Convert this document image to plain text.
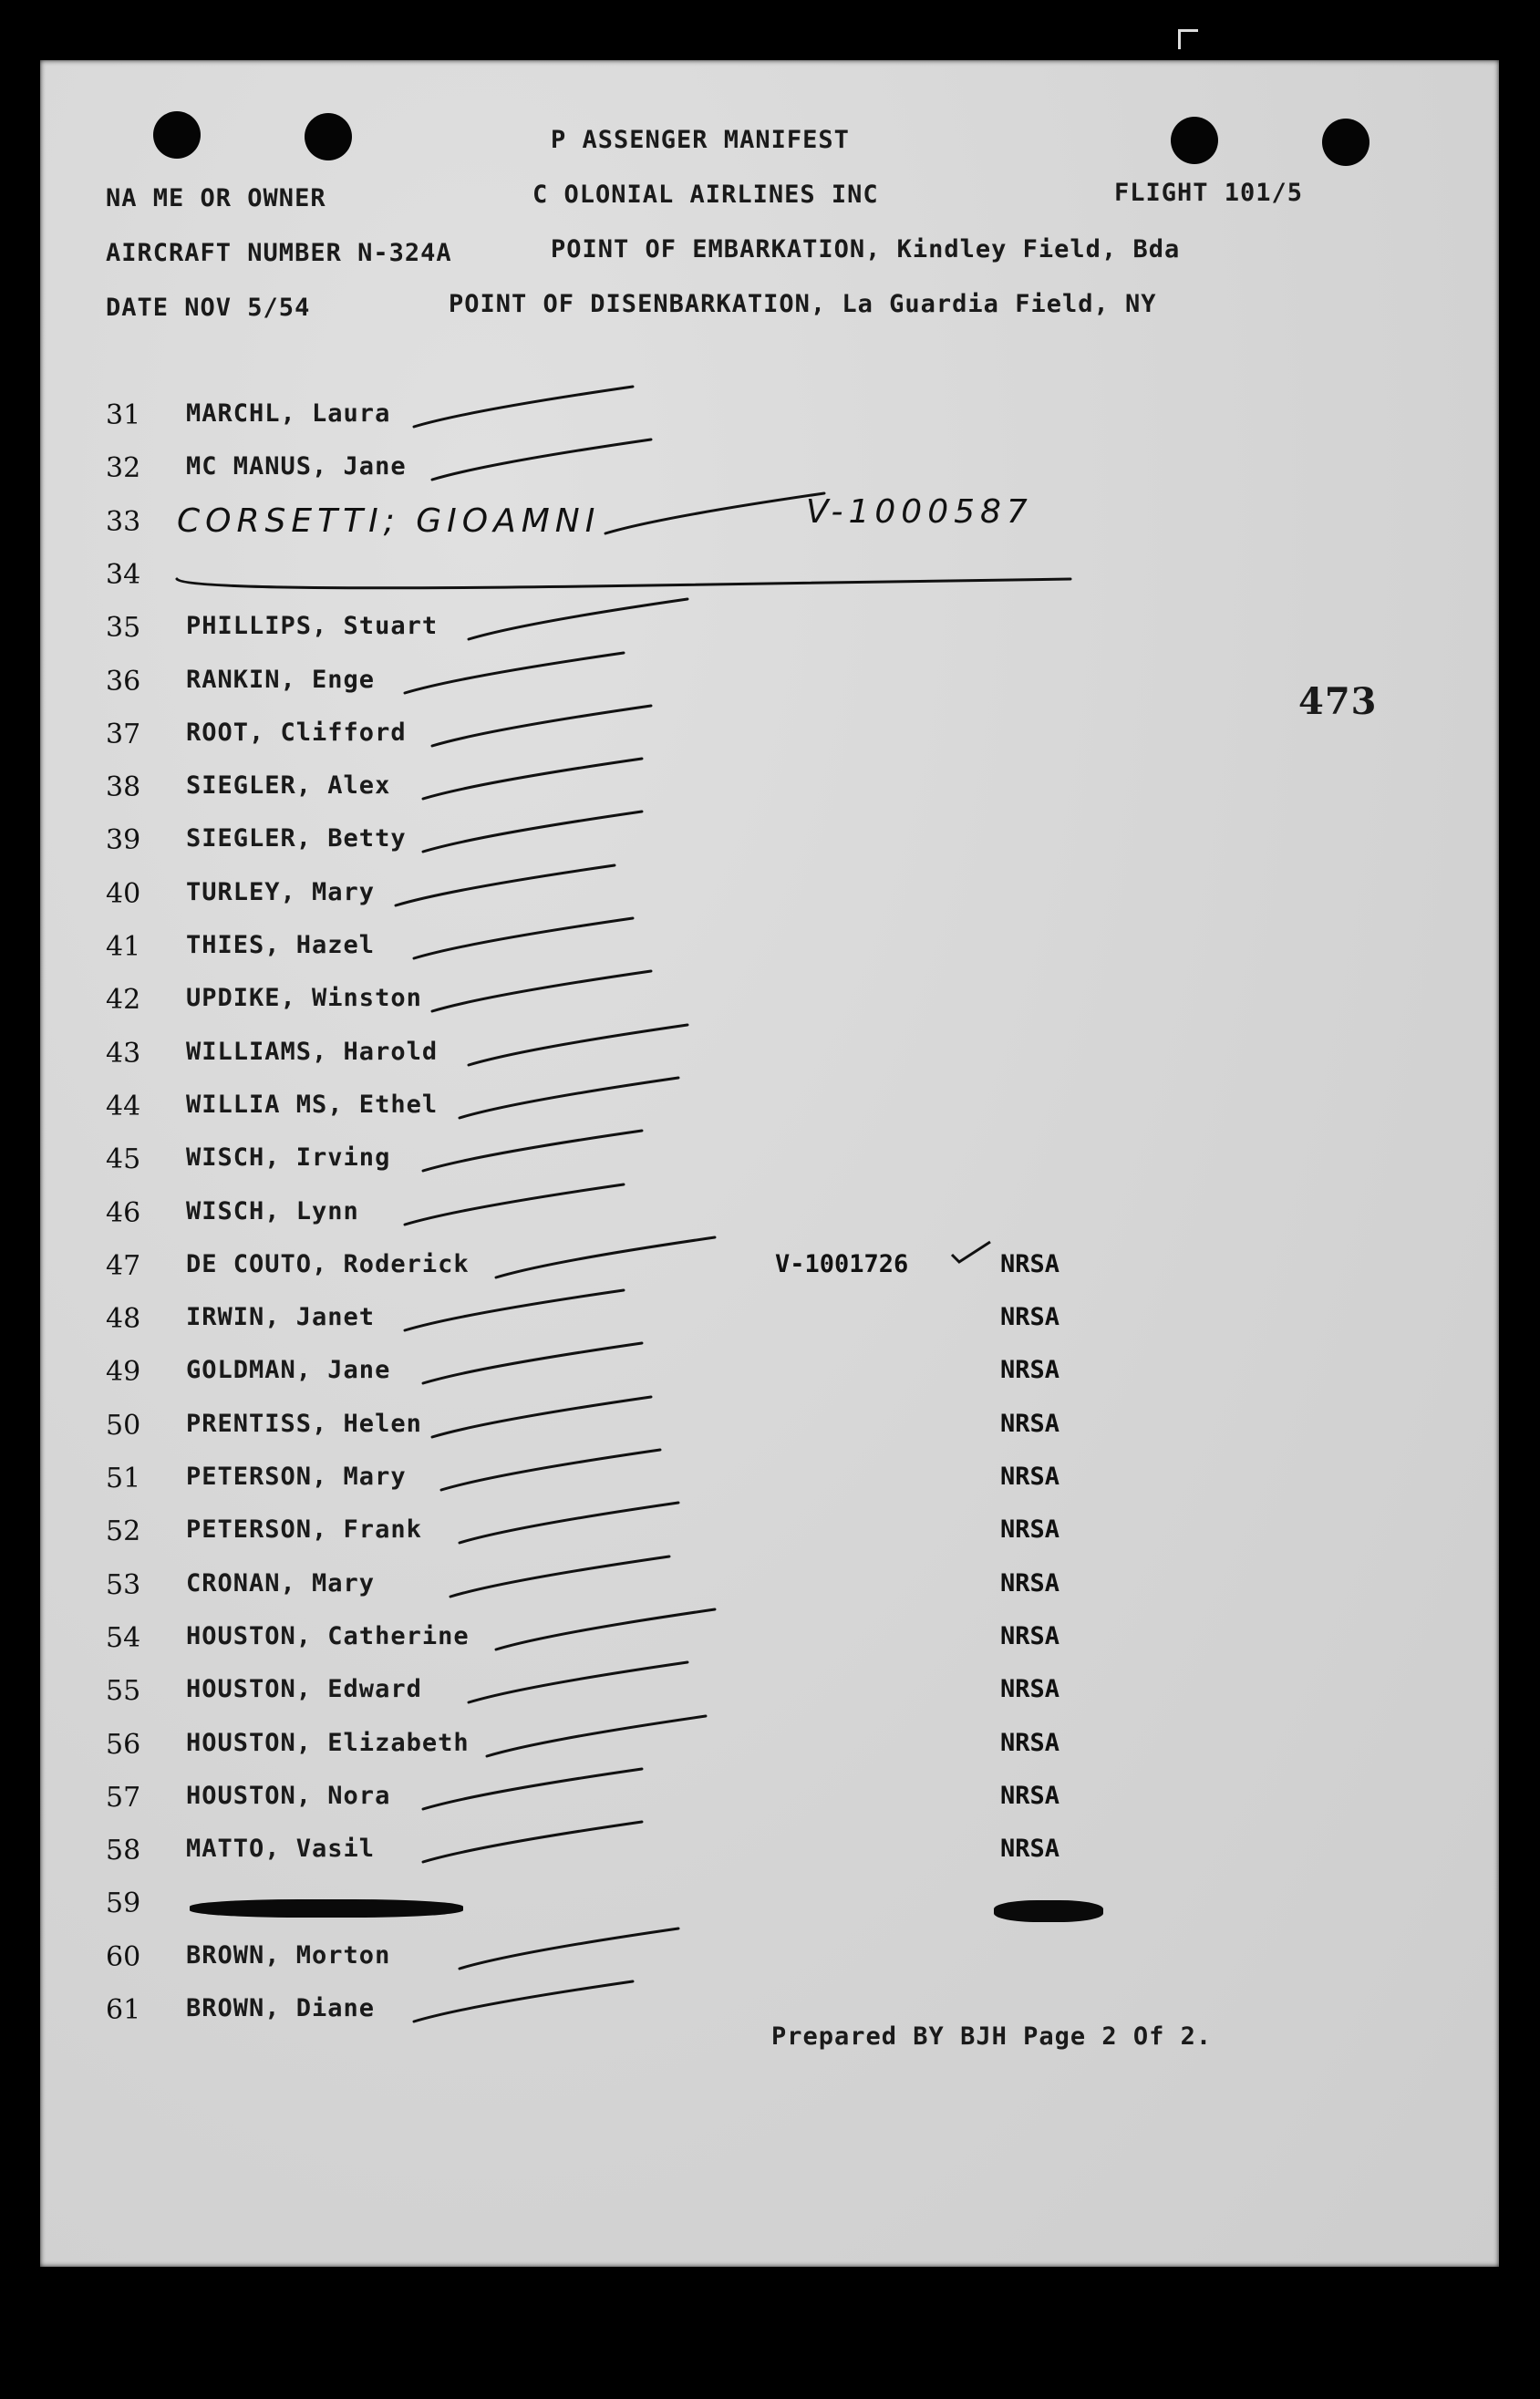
P ASSENGER MANIFEST
NA ME OR OWNER	C OLONIAL AIRLINES INC	FLIGHT 101/5
AIRCRAFT NUMBER N-324A	POINT OF EMBARKATION, Kindley Field, Bda
DATE NOV 5/54	POINT OF DISENBARKATION, La Guardia Field, NY
473
31 MARCHL, Laura
32 MC MANUS, Jane
33 CORSETTI; GIOAMNI	V-1000587
34
35 PHILLIPS, Stuart
36 RANKIN, Enge
37 ROOT, Clifford
38 SIEGLER, Alex
39 SIEGLER, Betty
40 TURLEY, Mary
41 THIES, Hazel
42 UPDIKE, Winston
43 WILLIAMS, Harold
44 WILLIA MS, Ethel
45 WISCH, Irving
46 WISCH, Lynn
47 DE COUTO, Roderick	V-1001726	NRSA
48 IRWIN, Janet	NRSA
49 GOLDMAN, Jane	NRSA
50 PRENTISS, Helen	NRSA
51 PETERSON, Mary	NRSA
52 PETERSON, Frank	NRSA
53 CRONAN, Mary	NRSA
54 HOUSTON, Catherine	NRSA
55 HOUSTON, Edward	NRSA
56 HOUSTON, Elizabeth	NRSA
57 HOUSTON, Nora	NRSA
58 MATTO, Vasil	NRSA
59
60 BROWN, Morton
61 BROWN, Diane
Prepared BY BJH Page 2 Of 2.
